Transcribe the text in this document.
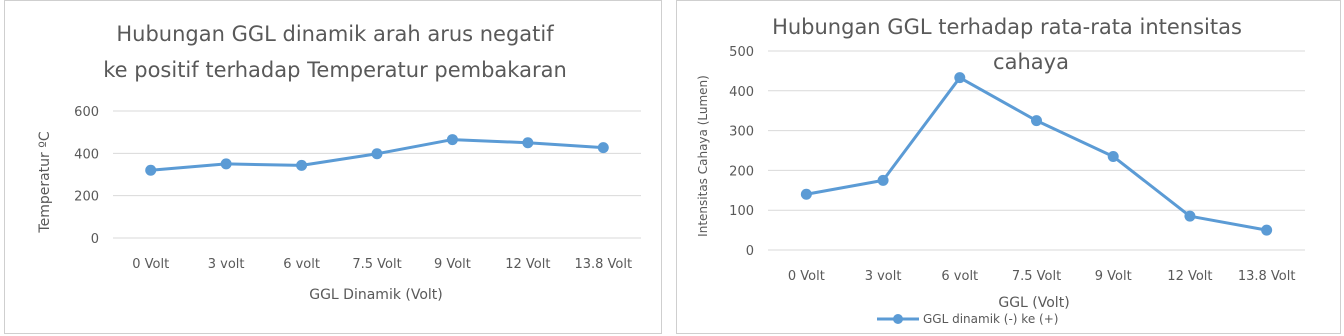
Hubungan GGL dinamik arah arus negatif
ke positif terhadap Temperatur pembakaran
0
200
400
600
0 Volt	3 volt	6 volt 7.5 Volt 9 Volt	12 Volt 13.8 Volt
GGL Dinamik (Volt)
Temperatur ºC
0
100
200
300
400
500
0 Volt	3 volt	6 volt	7.5 Volt	9 Volt	12 Volt 13.8 Volt
GGL (Volt)
Hubungan GGL terhadap rata-rata intensitas
cahaya
Intensitas Cahaya (Lumen)
GGL dinamik (-) ke (+)
